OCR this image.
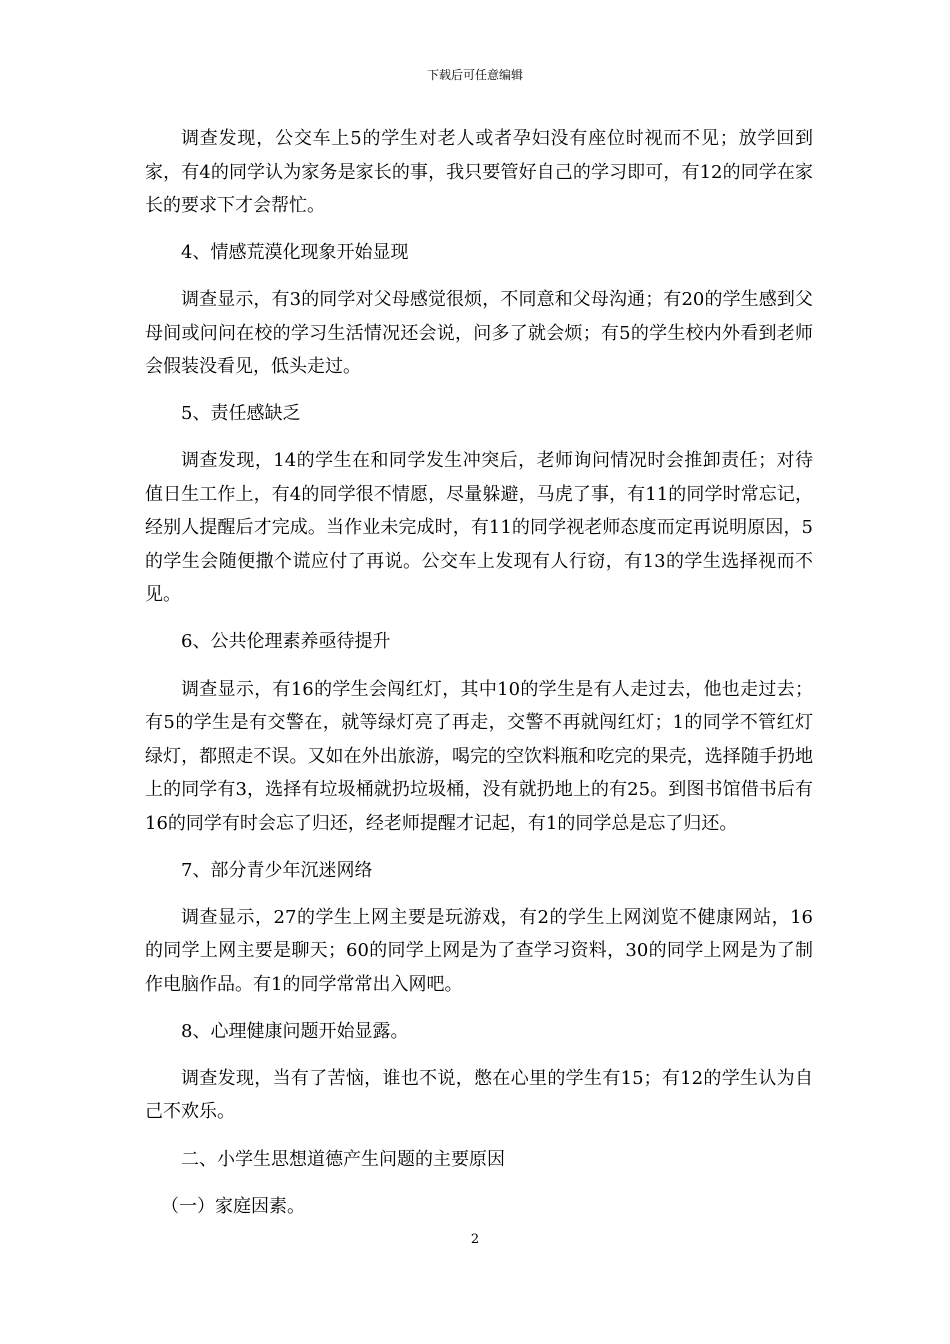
下载后可任意编辑

调查发现，公交车上5的学生对老人或者孕妇没有座位时视而不见；放学回到家，有4的同学认为家务是家长的事，我只要管好自己的学习即可，有12的同学在家长的要求下才会帮忙。

4、情感荒漠化现象开始显现

调查显示，有3的同学对父母感觉很烦，不同意和父母沟通；有20的学生感到父母间或问问在校的学习生活情况还会说，问多了就会烦；有5的学生校内外看到老师会假装没看见，低头走过。

5、责任感缺乏

调查发现，14的学生在和同学发生冲突后，老师询问情况时会推卸责任；对待值日生工作上，有4的同学很不情愿，尽量躲避，马虎了事，有11的同学时常忘记，经别人提醒后才完成。当作业未完成时，有11的同学视老师态度而定再说明原因，5的学生会随便撒个谎应付了再说。公交车上发现有人行窃，有13的学生选择视而不见。

6、公共伦理素养亟待提升

调查显示，有16的学生会闯红灯，其中10的学生是有人走过去，他也走过去；有5的学生是有交警在，就等绿灯亮了再走，交警不再就闯红灯；1的同学不管红灯绿灯，都照走不误。又如在外出旅游，喝完的空饮料瓶和吃完的果壳，选择随手扔地上的同学有3，选择有垃圾桶就扔垃圾桶，没有就扔地上的有25。到图书馆借书后有16的同学有时会忘了归还，经老师提醒才记起，有1的同学总是忘了归还。

7、部分青少年沉迷网络

调查显示，27的学生上网主要是玩游戏，有2的学生上网浏览不健康网站，16的同学上网主要是聊天；60的同学上网是为了查学习资料，30的同学上网是为了制作电脑作品。有1的同学常常出入网吧。

8、心理健康问题开始显露。

调查发现，当有了苦恼，谁也不说，憋在心里的学生有15；有12的学生认为自己不欢乐。

二、小学生思想道德产生问题的主要原因

（一）家庭因素。

2
